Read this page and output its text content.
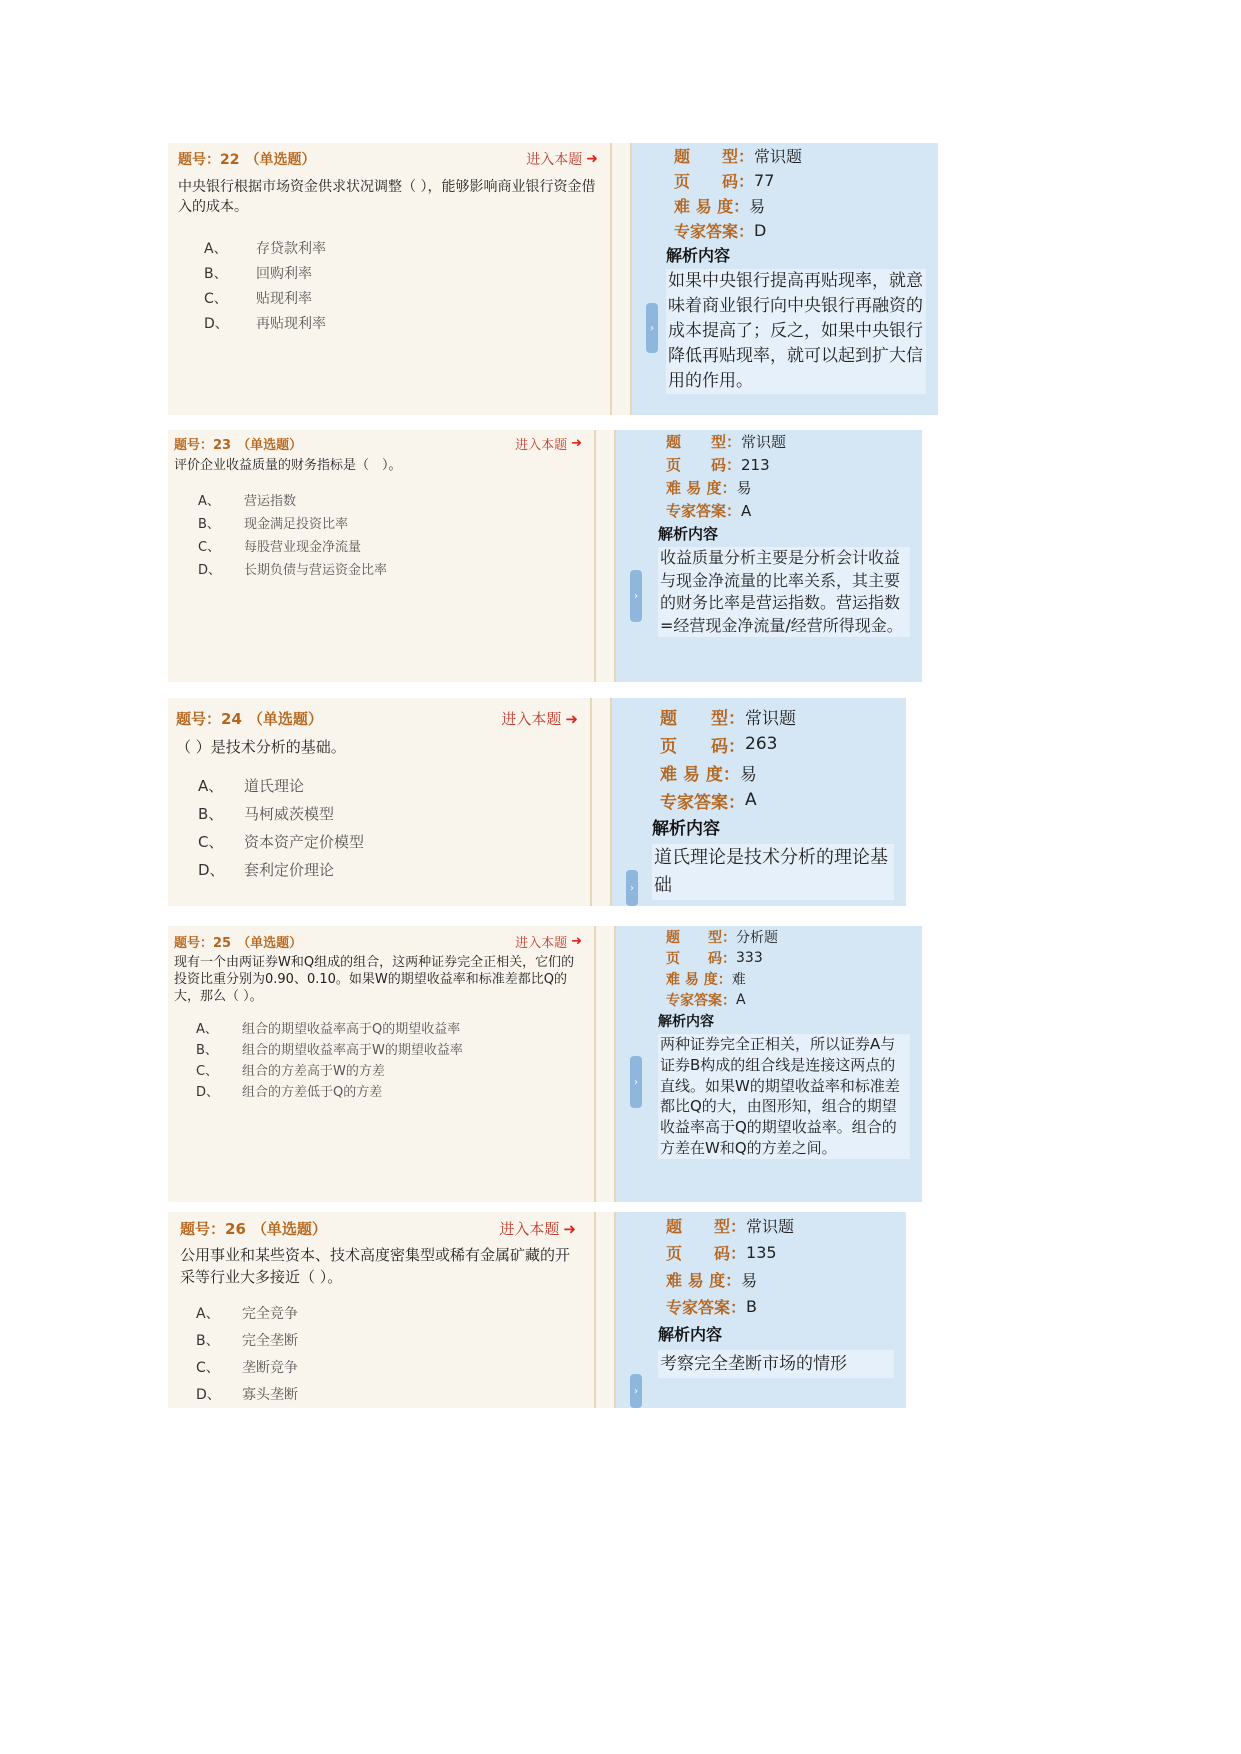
题号：22 （单选题）	进入本题 ➜
中央银行根据市场资金供求状况调整（ ），能够影响商业银行资金借入的成本。
A、	存贷款利率
B、	回购利率
C、	贴现利率
D、	再贴现利率	›
题　　型： 常识题
页　　码： 77
难 易 度： 易
专家答案： D
解析内容
如果中央银行提高再贴现率，就意味着商业银行向中央银行再融资的成本提高了；反之，如果中央银行降低再贴现率，就可以起到扩大信用的作用。
题号：23 （单选题）	进入本题 ➜
评价企业收益质量的财务指标是（　）。
A、	营运指数
B、	现金满足投资比率
C、	每股营业现金净流量
D、	长期负债与营运资金比率
›
题　　型： 常识题
页　　码： 213
难 易 度： 易
专家答案： A
解析内容
收益质量分析主要是分析会计收益与现金净流量的比率关系，其主要的财务比率是营运指数。营运指数=经营现金净流量/经营所得现金。
题号：24 （单选题）	进入本题 ➜
（ ）是技术分析的基础。
A、	道氏理论
B、	马柯威茨模型
C、	资本资产定价模型
D、	套利定价理论
›
题　　型： 常识题
页　　码： 263
难 易 度： 易
专家答案： A
解析内容
道氏理论是技术分析的理论基础
题号：25 （单选题）	进入本题 ➜
现有一个由两证券W和Q组成的组合，这两种证券完全正相关，它们的投资比重分别为0.90、0.10。如果W的期望收益率和标准差都比Q的大，那么（ ）。
A、	组合的期望收益率高于Q的期望收益率
B、	组合的期望收益率高于W的期望收益率
C、	组合的方差高于W的方差
D、	组合的方差低于Q的方差
›
题　　型： 分析题
页　　码： 333
难 易 度： 难
专家答案： A
解析内容
两种证券完全正相关，所以证券A与证券B构成的组合线是连接这两点的直线。如果W的期望收益率和标准差都比Q的大，由图形知，组合的期望收益率高于Q的期望收益率。组合的方差在W和Q的方差之间。
题号：26 （单选题）	进入本题 ➜
公用事业和某些资本、技术高度密集型或稀有金属矿藏的开采等行业大多接近（ ）。
A、	完全竞争
B、	完全垄断
C、	垄断竞争
D、	寡头垄断	›
题　　型： 常识题
页　　码： 135
难 易 度： 易
专家答案： B
解析内容
考察完全垄断市场的情形
